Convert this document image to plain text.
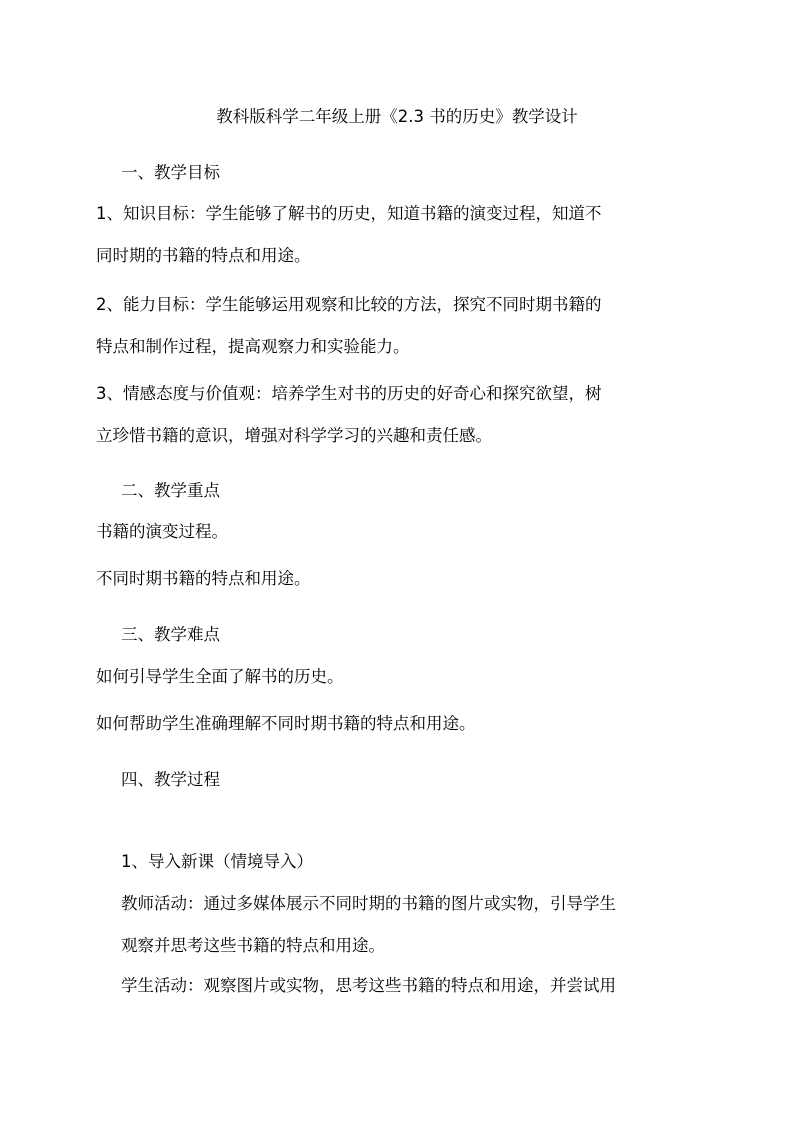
教科版科学二年级上册《2.3 书的历史》教学设计
一、教学目标
1、知识目标：学生能够了解书的历史，知道书籍的演变过程，知道不
同时期的书籍的特点和用途。
2、能力目标：学生能够运用观察和比较的方法，探究不同时期书籍的
特点和制作过程，提高观察力和实验能力。
3、情感态度与价值观：培养学生对书的历史的好奇心和探究欲望，树
立珍惜书籍的意识，增强对科学学习的兴趣和责任感。
二、教学重点
书籍的演变过程。
不同时期书籍的特点和用途。
三、教学难点
如何引导学生全面了解书的历史。
如何帮助学生准确理解不同时期书籍的特点和用途。
四、教学过程
1、导入新课（情境导入）
教师活动：通过多媒体展示不同时期的书籍的图片或实物，引导学生
观察并思考这些书籍的特点和用途。
学生活动：观察图片或实物，思考这些书籍的特点和用途，并尝试用
